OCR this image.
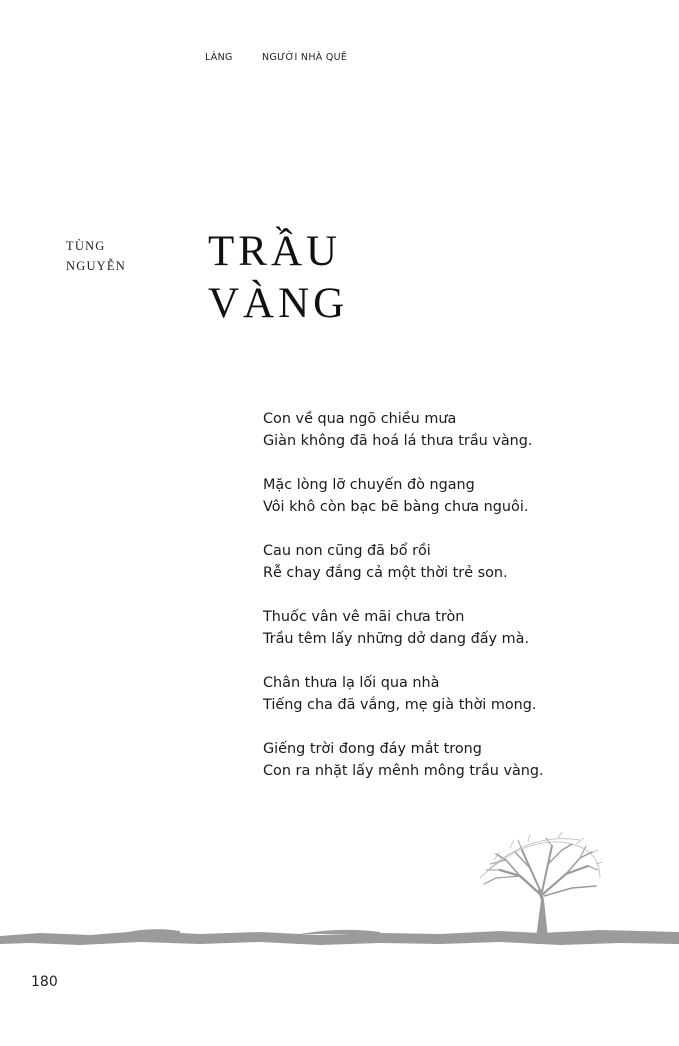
LÀNG	NGƯỜI NHÀ QUÊ
TÙNG
NGUYỄN TRẦU
VÀNG
Con về qua ngõ chiều mưa
Giàn không đã hoá lá thưa trầu vàng.
Mặc lòng lỡ chuyến đò ngang
Vôi khô còn bạc bẽ bàng chưa nguôi.
Cau non cũng đã bổ rồi
Rễ chay đắng cả một thời trẻ son.
Thuốc vân vê mãi chưa tròn
Trầu têm lấy những dở dang đấy mà.
Chân thưa lạ lối qua nhà
Tiếng cha đã vắng, mẹ già thời mong.
Giếng trời đong đáy mắt trong
Con ra nhặt lấy mênh mông trầu vàng.
180
